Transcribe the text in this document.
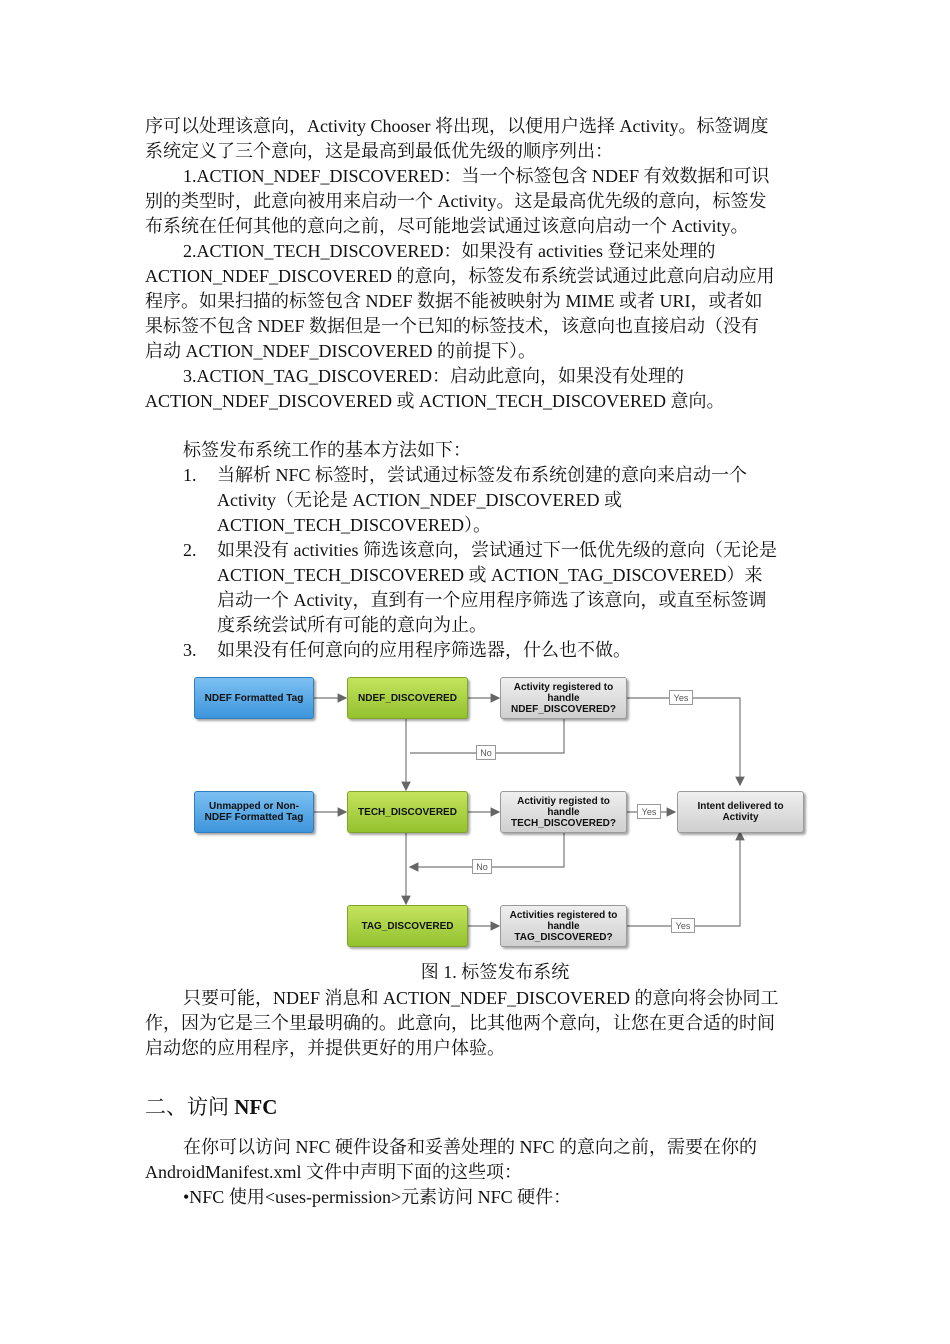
序可以处理该意向，Activity Chooser 将出现，以便用户选择 Activity。标签调度
系统定义了三个意向，这是最高到最低优先级的顺序列出：
1.ACTION_NDEF_DISCOVERED：当一个标签包含 NDEF 有效数据和可识
别的类型时，此意向被用来启动一个 Activity。这是最高优先级的意向，标签发
布系统在任何其他的意向之前，尽可能地尝试通过该意向启动一个 Activity。
2.ACTION_TECH_DISCOVERED：如果没有 activities 登记来处理的
ACTION_NDEF_DISCOVERED 的意向，标签发布系统尝试通过此意向启动应用
程序。如果扫描的标签包含 NDEF 数据不能被映射为 MIME 或者 URI，或者如
果标签不包含 NDEF 数据但是一个已知的标签技术，该意向也直接启动（没有
启动 ACTION_NDEF_DISCOVERED 的前提下）。
3.ACTION_TAG_DISCOVERED：启动此意向，如果没有处理的
ACTION_NDEF_DISCOVERED 或 ACTION_TECH_DISCOVERED 意向。
标签发布系统工作的基本方法如下：
1. 当解析 NFC 标签时，尝试通过标签发布系统创建的意向来启动一个
Activity（无论是 ACTION_NDEF_DISCOVERED 或
ACTION_TECH_DISCOVERED）。
2. 如果没有 activities 筛选该意向，尝试通过下一低优先级的意向（无论是
ACTION_TECH_DISCOVERED 或 ACTION_TAG_DISCOVERED）来
启动一个 Activity，直到有一个应用程序筛选了该意向，或直至标签调
度系统尝试所有可能的意向为止。
3. 如果没有任何意向的应用程序筛选器，什么也不做。
NDEF Formatted Tag
Unmapped or Non-
NDEF Formatted Tag
NDEF_DISCOVERED
TECH_DISCOVERED
TAG_DISCOVERED
Activity registered to
handle
NDEF_DISCOVERED?
Activitiy registed to
handle
TECH_DISCOVERED?
Activities registered to
handle
TAG_DISCOVERED?
Intent delivered to
Activity
Yes
Yes
Yes
No
No
图 1. 标签发布系统
只要可能，NDEF 消息和 ACTION_NDEF_DISCOVERED 的意向将会协同工
作，因为它是三个里最明确的。此意向，比其他两个意向，让您在更合适的时间
启动您的应用程序，并提供更好的用户体验。
二、访问 NFC
在你可以访问 NFC 硬件设备和妥善处理的 NFC 的意向之前，需要在你的
AndroidManifest.xml 文件中声明下面的这些项：
•NFC 使用<uses-permission>元素访问 NFC 硬件：
